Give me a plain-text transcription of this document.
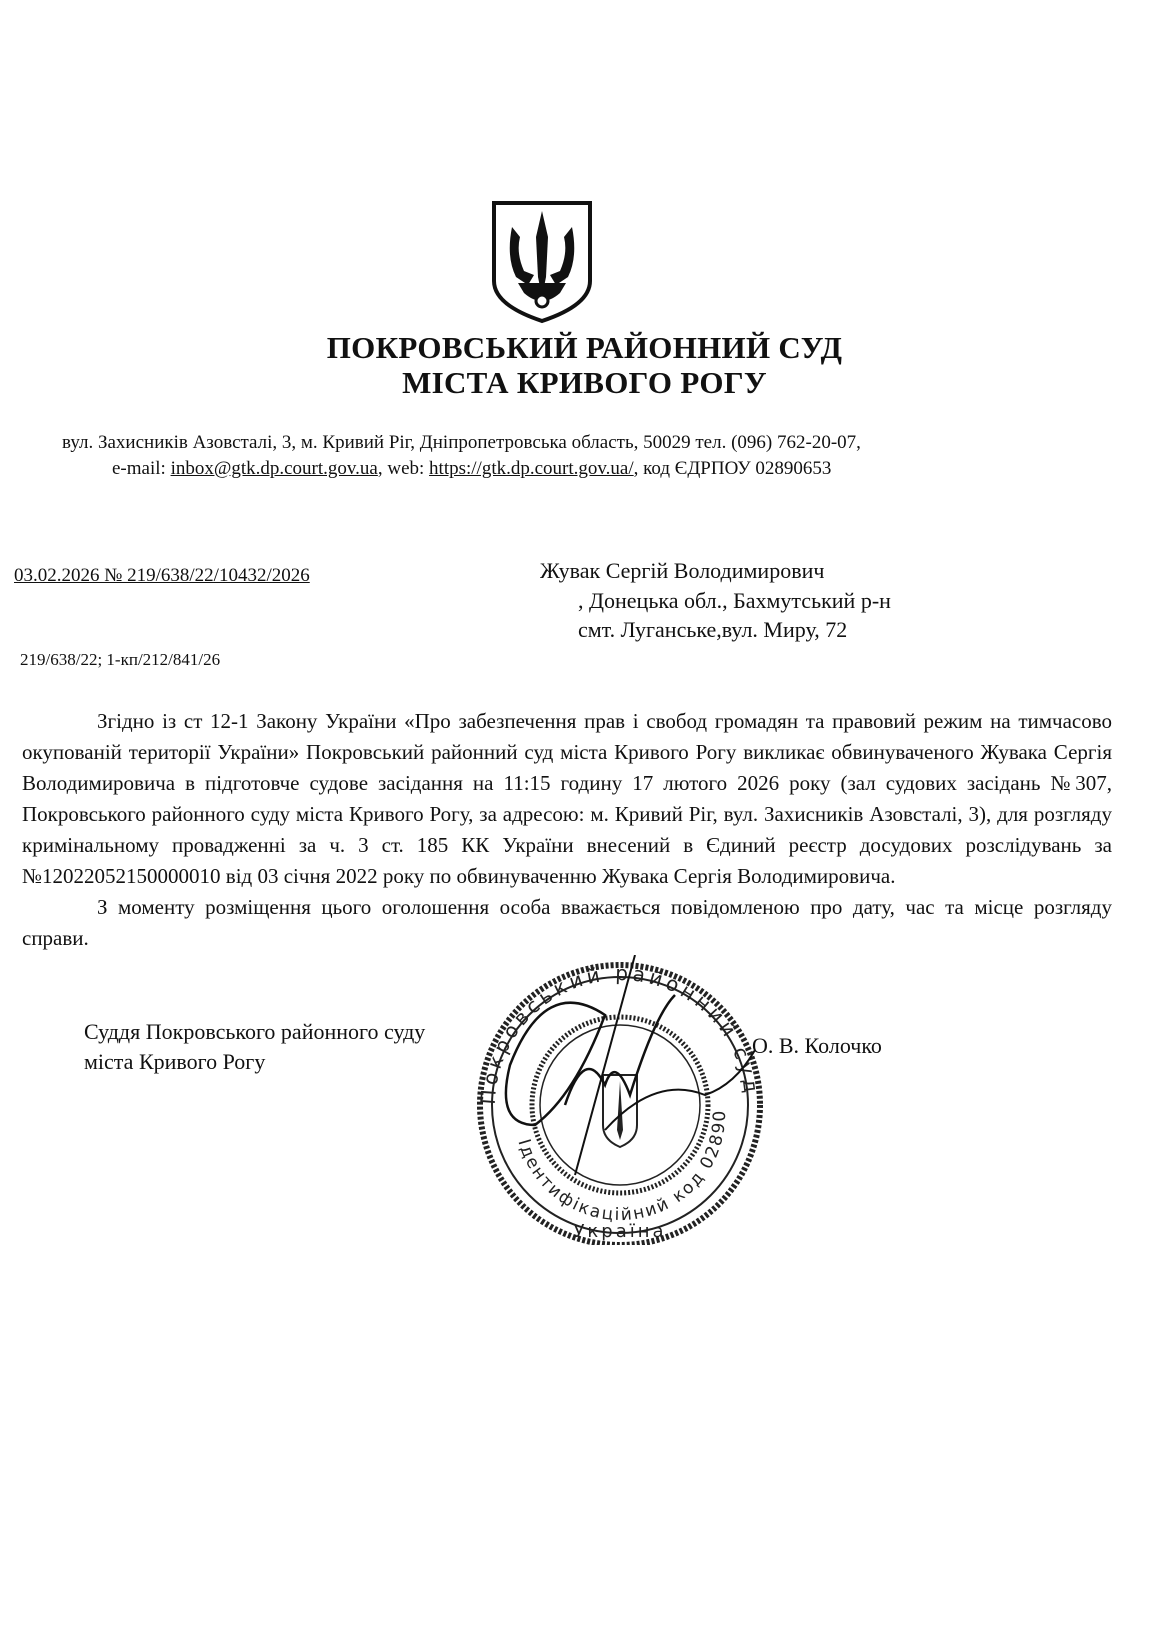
ПОКРОВСЬКИЙ РАЙОННИЙ СУД
МІСТА КРИВОГО РОГУ
вул. Захисників Азовсталі, 3, м. Кривий Ріг, Дніпропетровська область, 50029 тел. (096) 762-20-07,
e-mail: inbox@gtk.dp.court.gov.ua, web: https://gtk.dp.court.gov.ua/, код ЄДРПОУ 02890653
03.02.2026 № 219/638/22/10432/2026
219/638/22; 1-кп/212/841/26
Жувак Сергій Володимирович
, Донецька обл., Бахмутський р-н
смт. Луганське,вул. Миру, 72

Згідно із ст 12-1 Закону України «Про забезпечення прав і свобод громадян та правовий режим на тимчасово окупованій території України» Покровський районний суд міста Кривого Рогу викликає обвинуваченого Жувака Сергія Володимировича в підготовче судове засідання на 11:15 годину 17 лютого 2026 року (зал судових засідань №307, Покровського районного суду міста Кривого Рогу, за адресою: м. Кривий Ріг, вул. Захисників Азовсталі, 3), для розгляду кримінальному провадженні за ч. 3 ст. 185 КК України внесений в Єдиний реєстр досудових розслідувань за №12022052150000010 від 03 січня 2022 року по обвинуваченню Жувака Сергія Володимировича.

З моменту розміщення цього оголошення особа вважається повідомленою про дату, час та місце розгляду справи.

Суддя Покровського районного суду
міста Кривого Рогу
О. В. Колочко
Покровський районний суд
Ідентифікаційний код 02890
Україна
